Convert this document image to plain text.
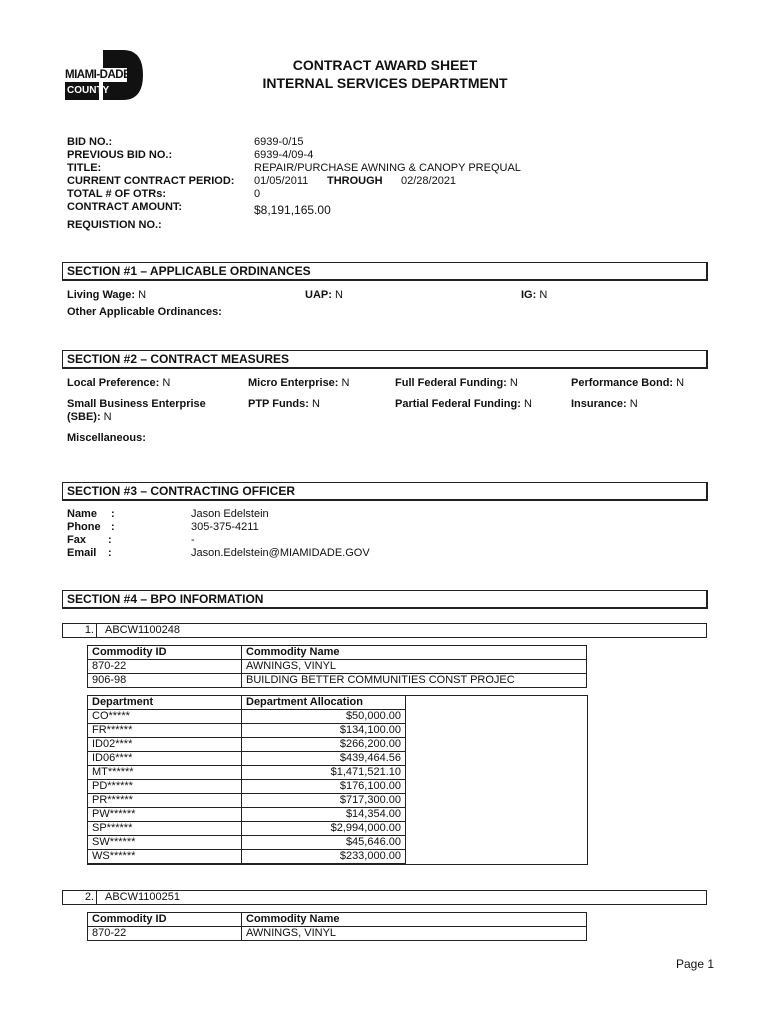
MIAMI-DADE
COUNTY
CONTRACT AWARD SHEET
INTERNAL SERVICES DEPARTMENT
BID NO.:	6939-0/15
PREVIOUS BID NO.:	6939-4/09-4
TITLE:	REPAIR/PURCHASE AWNING & CANOPY PREQUAL
CURRENT CONTRACT PERIOD: 01/05/2011 THROUGH 02/28/2021
TOTAL # OF OTRs:	0
CONTRACT AMOUNT:	$8,191,165.00
REQUISTION NO.:
SECTION #1 – APPLICABLE ORDINANCES
Living Wage: N	UAP: N	IG: N
Other Applicable Ordinances:
SECTION #2 – CONTRACT MEASURES
Local Preference: N	Micro Enterprise: N	Full Federal Funding: N	Performance Bond: N
Small Business Enterprise
(SBE): N
PTP Funds: N	Partial Federal Funding: N	Insurance: N
Miscellaneous:
SECTION #3 – CONTRACTING OFFICER
Name :	Jason Edelstein
Phone :	305-375-4211
Fax :	-
Email :	Jason.Edelstein@MIAMIDADE.GOV
SECTION #4 – BPO INFORMATION
1. ABCW1100248
Commodity ID	Commodity Name
870-22	AWNINGS, VINYL
906-98	BUILDING BETTER COMMUNITIES CONST PROJEC
Department	Department Allocation	
CO*****	$50,000.00	
FR******	$134,100.00	
ID02****	$266,200.00	
ID06****	$439,464.56	
MT******	$1,471,521.10	
PD******	$176,100.00	
PR******	$717,300.00	
PW******	$14,354.00	
SP******	$2,994,000.00	
SW******	$45,646.00	
WS******	$233,000.00	
2. ABCW1100251
Commodity ID	Commodity Name
870-22	AWNINGS, VINYL
Page 1
